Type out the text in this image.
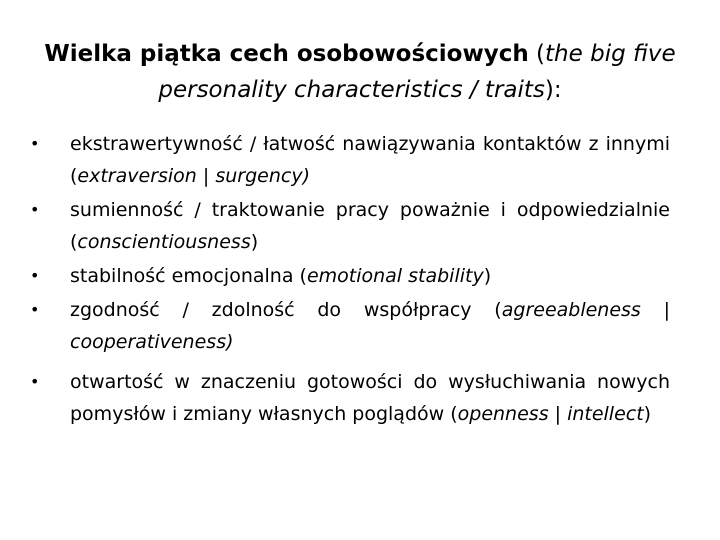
Wielka piątka cech osobowościowych (the big five personality characteristics / traits):
• ekstrawertywność / łatwość nawiązywania kontaktów z innymi (extraversion | surgency)
• sumienność / traktowanie pracy poważnie i odpowiedzialnie (conscientiousness)
• stabilność emocjonalna (emotional stability)
• zgodność / zdolność do współpracy (agreeableness | cooperativeness)
• otwartość w znaczeniu gotowości do wysłuchiwania nowych pomysłów i zmiany własnych poglądów (openness | intellect)
